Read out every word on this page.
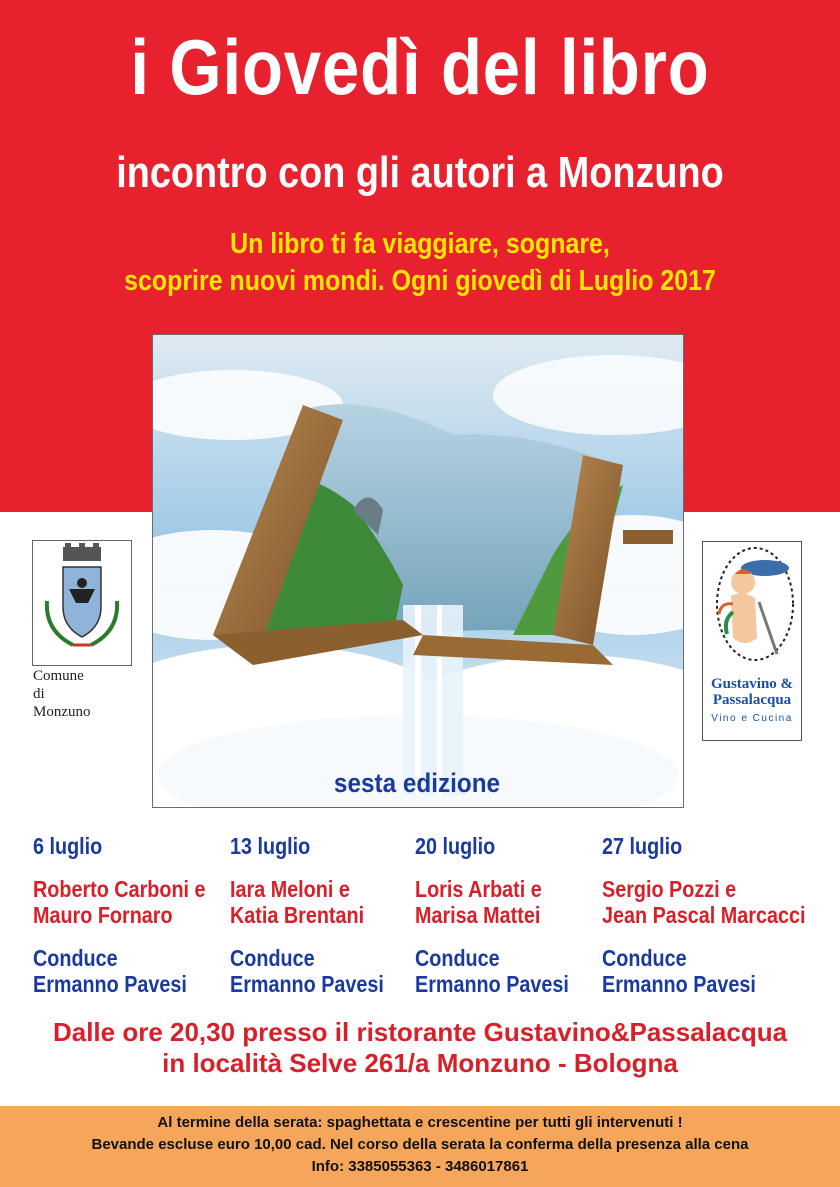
i Giovedì del libro
incontro con gli autori a Monzuno
Un libro ti fa viaggiare, sognare,
scoprire nuovi mondi. Ogni giovedì di Luglio 2017
sesta edizione
Comune
di
Monzuno
Gustavino &
Passalacqua
Vino e Cucina
6 luglio
Roberto Carboni e
Mauro Fornaro
Conduce
Ermanno Pavesi
13 luglio
Iara Meloni e
Katia Brentani
Conduce
Ermanno Pavesi
20 luglio
Loris Arbati e
Marisa Mattei
Conduce
Ermanno Pavesi
27 luglio
Sergio Pozzi e
Jean Pascal Marcacci
Conduce
Ermanno Pavesi
Dalle ore 20,30 presso il ristorante Gustavino&Passalacqua
in località Selve 261/a Monzuno - Bologna
Al termine della serata: spaghettata e crescentine per tutti gli intervenuti !
Bevande escluse euro 10,00 cad. Nel corso della serata la conferma della presenza alla cena
Info: 3385055363 - 3486017861
